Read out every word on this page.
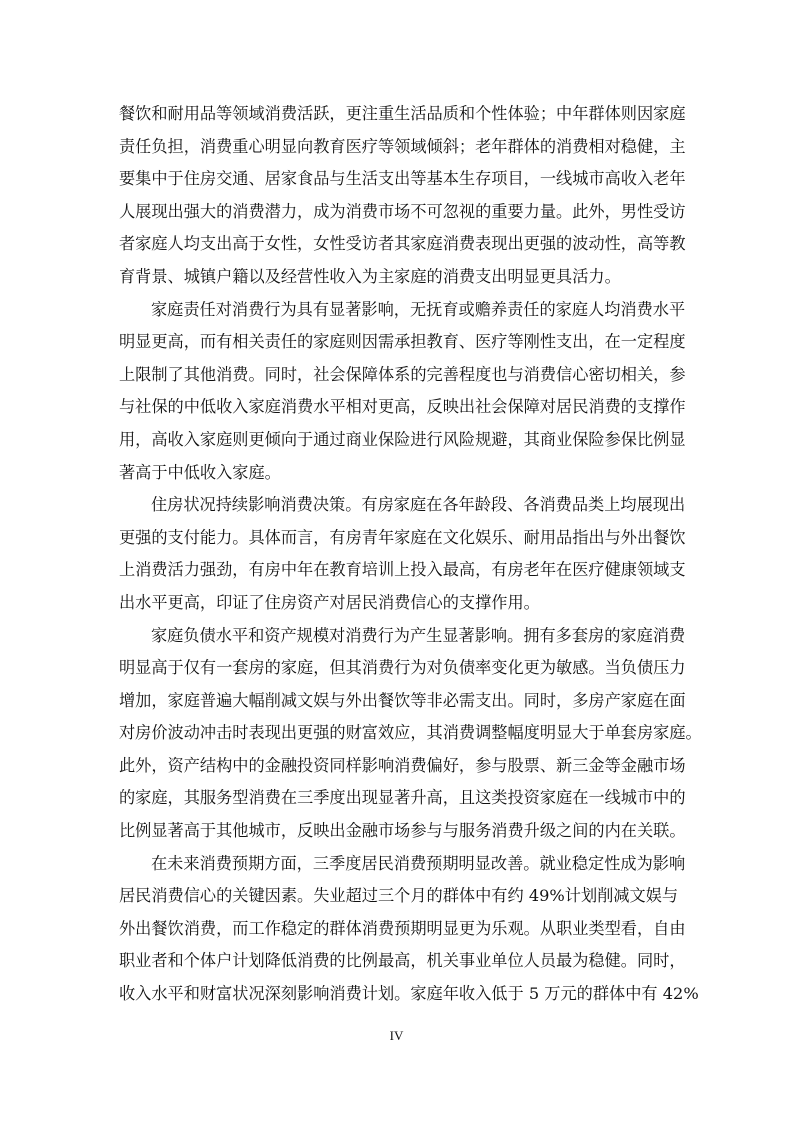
餐饮和耐用品等领域消费活跃，更注重生活品质和个性体验；中年群体则因家庭
责任负担，消费重心明显向教育医疗等领域倾斜；老年群体的消费相对稳健，主
要集中于住房交通、居家食品与生活支出等基本生存项目，一线城市高收入老年
人展现出强大的消费潜力，成为消费市场不可忽视的重要力量。此外，男性受访
者家庭人均支出高于女性，女性受访者其家庭消费表现出更强的波动性，高等教
育背景、城镇户籍以及经营性收入为主家庭的消费支出明显更具活力。
家庭责任对消费行为具有显著影响，无抚育或赡养责任的家庭人均消费水平
明显更高，而有相关责任的家庭则因需承担教育、医疗等刚性支出，在一定程度
上限制了其他消费。同时，社会保障体系的完善程度也与消费信心密切相关，参
与社保的中低收入家庭消费水平相对更高，反映出社会保障对居民消费的支撑作
用，高收入家庭则更倾向于通过商业保险进行风险规避，其商业保险参保比例显
著高于中低收入家庭。
住房状况持续影响消费决策。有房家庭在各年龄段、各消费品类上均展现出
更强的支付能力。具体而言，有房青年家庭在文化娱乐、耐用品指出与外出餐饮
上消费活力强劲，有房中年在教育培训上投入最高，有房老年在医疗健康领域支
出水平更高，印证了住房资产对居民消费信心的支撑作用。
家庭负债水平和资产规模对消费行为产生显著影响。拥有多套房的家庭消费
明显高于仅有一套房的家庭，但其消费行为对负债率变化更为敏感。当负债压力
增加，家庭普遍大幅削减文娱与外出餐饮等非必需支出。同时，多房产家庭在面
对房价波动冲击时表现出更强的财富效应，其消费调整幅度明显大于单套房家庭。
此外，资产结构中的金融投资同样影响消费偏好，参与股票、新三金等金融市场
的家庭，其服务型消费在三季度出现显著升高，且这类投资家庭在一线城市中的
比例显著高于其他城市，反映出金融市场参与与服务消费升级之间的内在关联。
在未来消费预期方面，三季度居民消费预期明显改善。就业稳定性成为影响
居民消费信心的关键因素。失业超过三个月的群体中有约 49%计划削减文娱与
外出餐饮消费，而工作稳定的群体消费预期明显更为乐观。从职业类型看，自由
职业者和个体户计划降低消费的比例最高，机关事业单位人员最为稳健。同时，
收入水平和财富状况深刻影响消费计划。家庭年收入低于 5 万元的群体中有 42%
IV
